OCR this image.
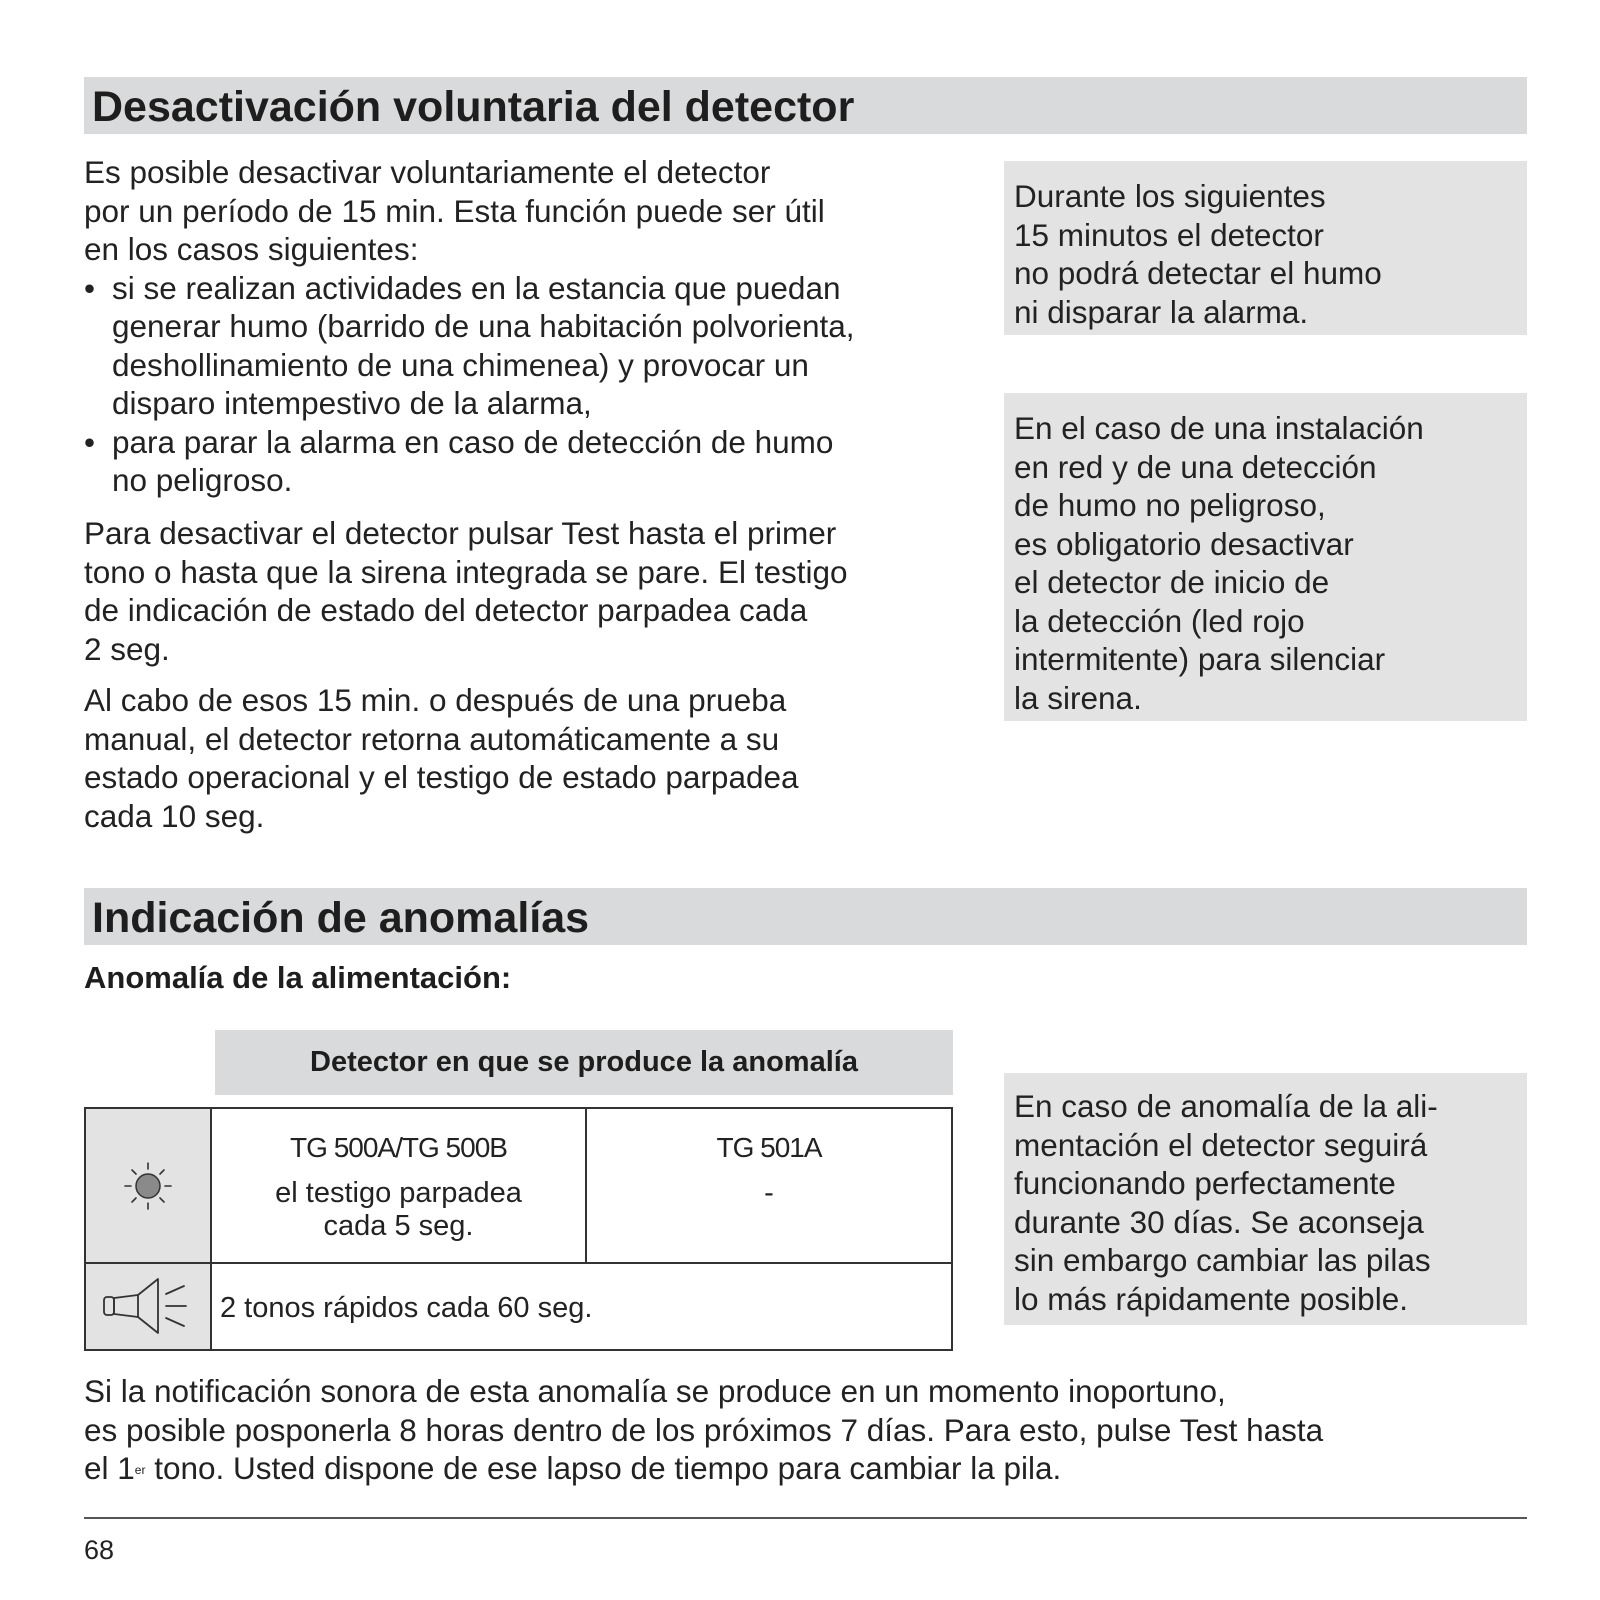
Desactivación voluntaria del detector
Es posible desactivar voluntariamente el detector
por un período de 15 min. Esta función puede ser útil
en los casos siguientes:
• si se realizan actividades en la estancia que puedan
generar humo (barrido de una habitación polvorienta,
deshollinamiento de una chimenea) y provocar un
disparo intempestivo de la alarma,
• para parar la alarma en caso de detección de humo
no peligroso.
Para desactivar el detector pulsar Test hasta el primer
tono o hasta que la sirena integrada se pare. El testigo
de indicación de estado del detector parpadea cada
2 seg.
Al cabo de esos 15 min. o después de una prueba
manual, el detector retorna automáticamente a su
estado operacional y el testigo de estado parpadea
cada 10 seg.
Durante los siguientes
15 minutos el detector
no podrá detectar el humo
ni disparar la alarma.
En el caso de una instalación
en red y de una detección
de humo no peligroso,
es obligatorio desactivar
el detector de inicio de
la detección (led rojo
intermitente) para silenciar
la sirena.
Indicación de anomalías
Anomalía de la alimentación:
Detector en que se produce la anomalía
TG 500A/TG 500B
el testigo parpadea
cada 5 seg.
TG 501A
-
2 tonos rápidos cada 60 seg.
En caso de anomalía de la ali-
mentación el detector seguirá
funcionando perfectamente
durante 30 días. Se aconseja
sin embargo cambiar las pilas
lo más rápidamente posible.
Si la notificación sonora de esta anomalía se produce en un momento inoportuno,
es posible posponerla 8 horas dentro de los próximos 7 días. Para esto, pulse Test hasta
el 1er tono. Usted dispone de ese lapso de tiempo para cambiar la pila.
68
